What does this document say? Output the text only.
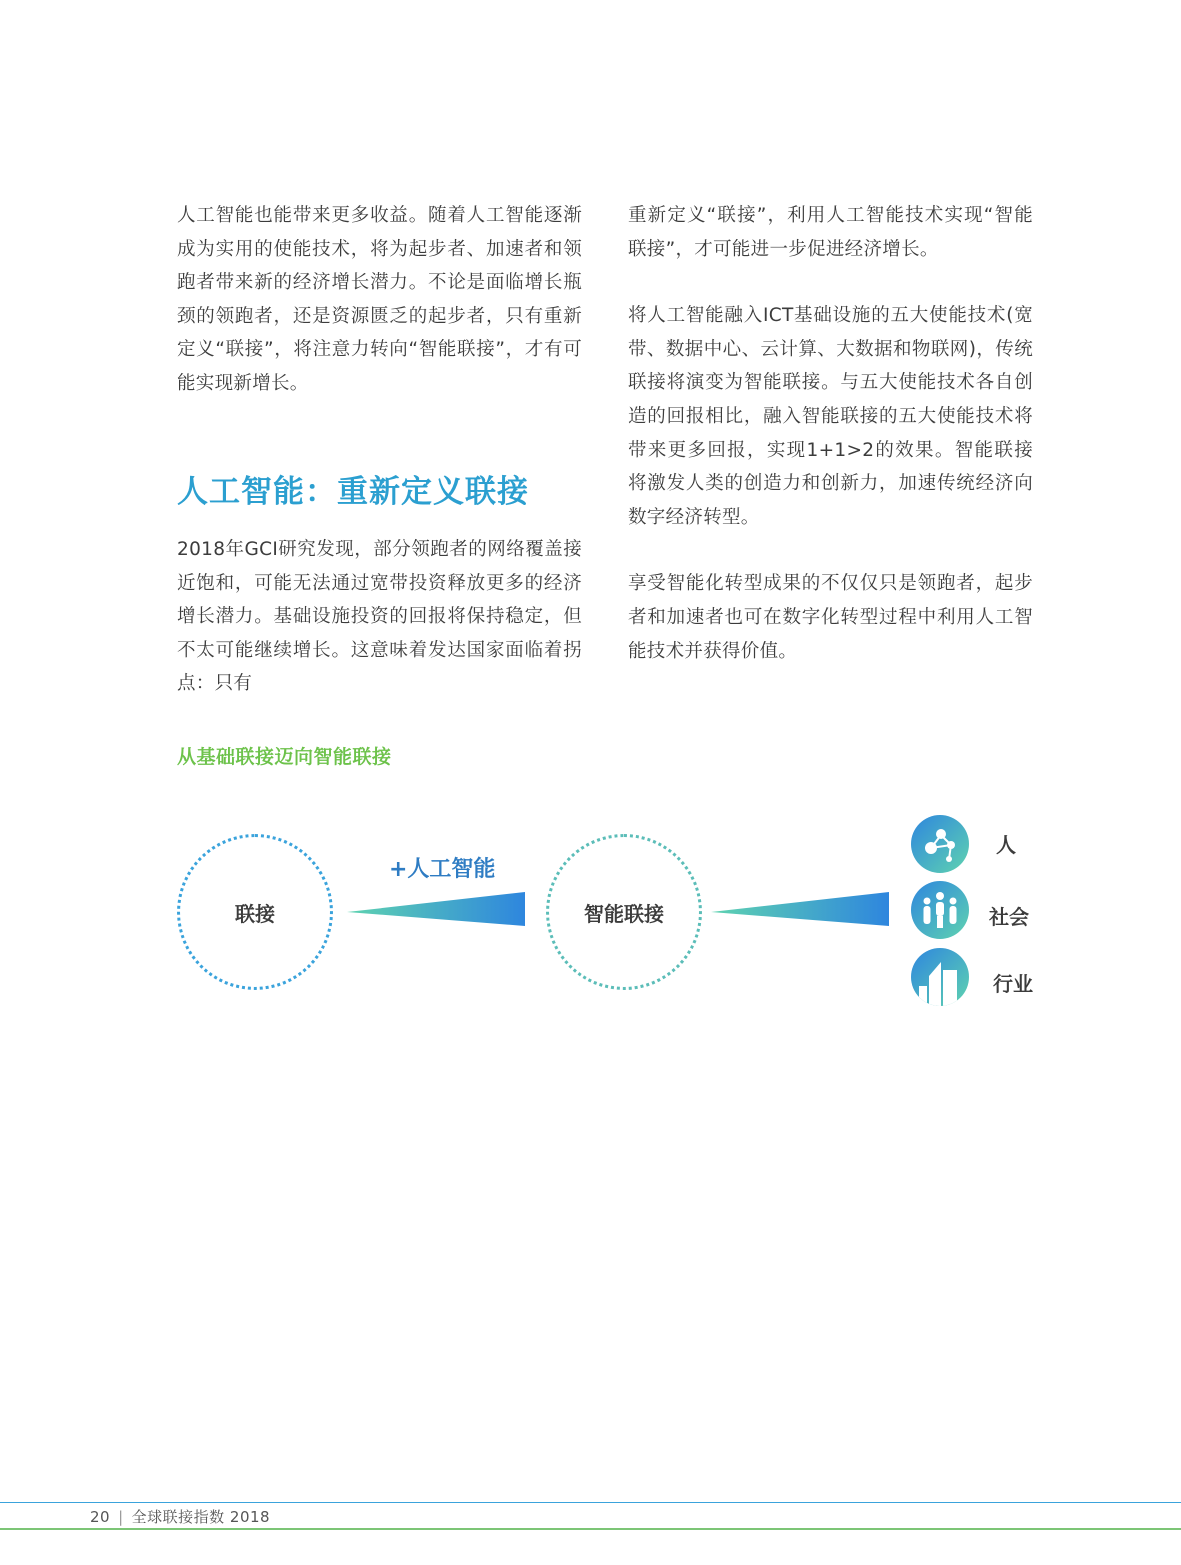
人工智能也能带来更多收益。随着人工智能逐渐成为实用的使能技术，将为起步者、加速者和领跑者带来新的经济增长潜力。不论是面临增长瓶颈的领跑者，还是资源匮乏的起步者，只有重新定义“联接”，将注意力转向“智能联接”，才有可能实现新增长。

人工智能：重新定义联接

2018年GCI研究发现，部分领跑者的网络覆盖接近饱和，可能无法通过宽带投资释放更多的经济增长潜力。基础设施投资的回报将保持稳定，但不太可能继续增长。这意味着发达国家面临着拐点：只有

重新定义“联接”，利用人工智能技术实现“智能联接”，才可能进一步促进经济增长。

将人工智能融入ICT基础设施的五大使能技术(宽带、数据中心、云计算、大数据和物联网)，传统联接将演变为智能联接。与五大使能技术各自创造的回报相比，融入智能联接的五大使能技术将带来更多回报，实现1+1>2的效果。智能联接将激发人类的创造力和创新力，加速传统经济向数字经济转型。

享受智能化转型成果的不仅仅只是领跑者，起步者和加速者也可在数字化转型过程中利用人工智能技术并获得价值。

从基础联接迈向智能联接
联接
+人工智能
智能联接
人
社会
行业
20 | 全球联接指数 2018
